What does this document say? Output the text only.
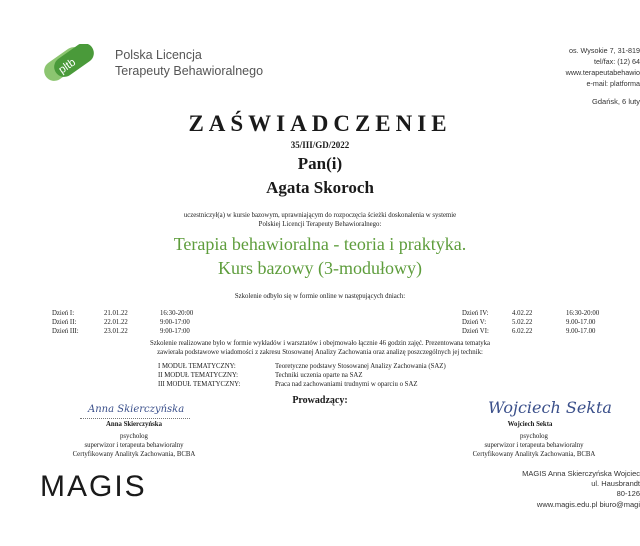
pltb
Polska Licencja
Terapeuty Behawioralnego
os. Wysokie 7, 31-819
tel/fax: (12) 64
www.terapeutabehawio
e-mail: platforma
Gdańsk, 6 luty
ZAŚWIADCZENIE
35/III/GD/2022
Pan(i)
Agata Skoroch
uczestniczył(a) w kursie bazowym, uprawniającym do rozpoczęcia ścieżki doskonalenia w systemie
Polskiej Licencji Terapeuty Behawioralnego:
Terapia behawioralna - teoria i praktyka.
Kurs bazowy (3-modułowy)
Szkolenie odbyło się w formie online w następujących dniach:
Dzień I:	21.01.22	16:30-20:00
Dzień II:	22.01.22	9:00-17:00
Dzień III:	23.01.22	9:00-17:00
Dzień IV:	4.02.22	16:30-20:00
Dzień V:	5.02.22	9.00-17.00
Dzień VI:	6.02.22	9.00-17.00
Szkolenie realizowane było w formie wykładów i warsztatów i obejmowało łącznie 46 godzin zajęć. Prezentowana tematyka
zawierała podstawowe wiadomości z zakresu Stosowanej Analizy Zachowania oraz analizę poszczególnych jej technik:
I MODUŁ TEMATYCZNY:	Teoretyczne podstawy Stosowanej Analizy Zachowania (SAZ)
II MODUŁ TEMATYCZNY:	Techniki uczenia oparte na SAZ
III MODUŁ TEMATYCZNY:	Praca nad zachowaniami trudnymi w oparciu o SAZ
Prowadzący:
Anna Skierczyńska
Anna Skierczyńska
psycholog
superwizor i terapeuta behawioralny
Certyfikowany Analityk Zachowania, BCBA
Wojciech Sekta
Wojciech Sekta
psycholog
superwizor i terapeuta behawioralny
Certyfikowany Analityk Zachowania, BCBA
MAGIS	MAGIS Anna Skierczyńska Wojciec
ul. Hausbrandt
80-126
www.magis.edu.pl biuro@magi
